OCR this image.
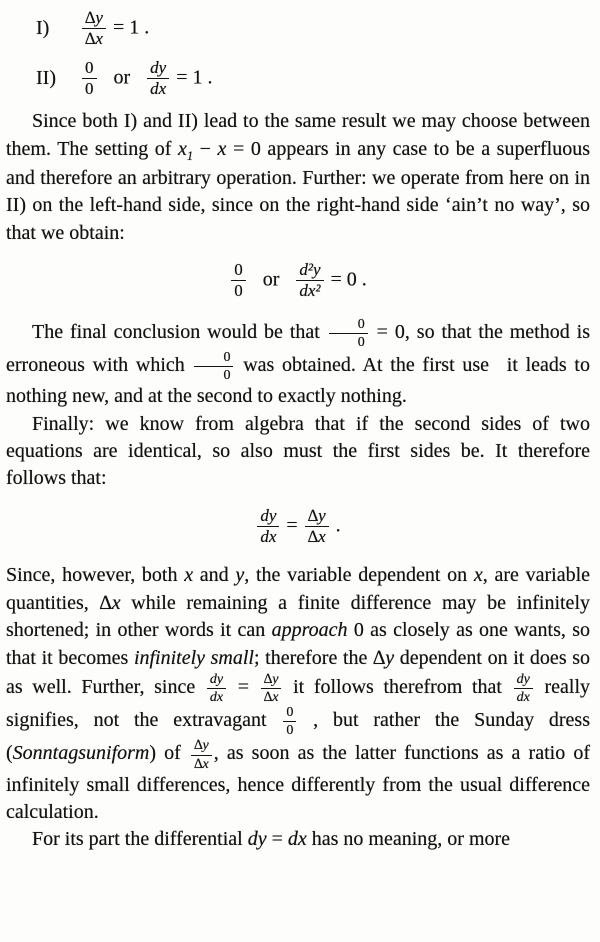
I)	$\frac{\Delta y}{\Delta x} = 1$ .
II)	$\frac{0}{0}$   or   $\frac{dy}{dx} = 1$ .

Since both I) and II) lead to the same result we may choose between them. The setting of $x_1 - x = 0$ appears in any case to be a superfluous and therefore an arbitrary operation. Further: we operate from here on in II) on the left-hand side, since on the right-hand side ‘ain’t no way’, so that we obtain:

$\frac{0}{0}$   or   $\frac{\text{d²y}}{\text{dx²}} = 0$ .

The final conclusion would be that $\frac{0}{0} = 0$, so that the method is erroneous with which $\frac{0}{0}$ was obtained. At the first use  it leads to nothing new, and at the second to exactly nothing.

Finally: we know from algebra that if the second sides of two equations are identical, so also must the first sides be. It therefore follows that:

$\frac{dy}{dx} = \frac{\Delta y}{\Delta x}$ .

Since, however, both x and y, the variable dependent on x, are variable quantities, ∆x while remaining a finite difference may be infinitely shortened; in other words it can approach 0 as closely as one wants, so that it becomes infinitely small; therefore the ∆y dependent on it does so as well. Further, since $\frac{dy}{dx} = \frac{\Delta y}{\Delta x}$ it follows therefrom that $\frac{dy}{dx}$ really signifies, not the extravagant $\frac{0}{0}$ , but rather the Sunday dress (Sonntagsuniform) of $\frac{\Delta y}{\Delta x}$ , as soon as the latter functions as a ratio of infinitely small differences, hence differently from the usual difference calculation.

For its part the differential dy = dx has no meaning, or more
